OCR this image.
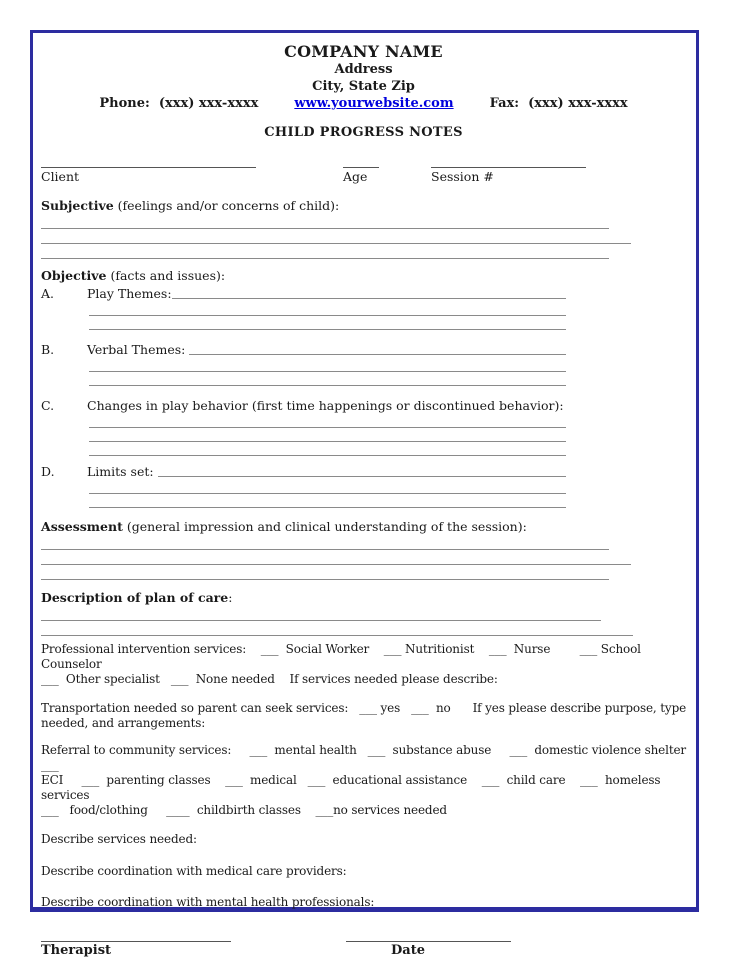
COMPANY NAME
Address
City, State Zip
Phone:  (xxx) xxx-xxxx	www.yourwebsite.com	Fax:  (xxx) xxx-xxxx
CHILD PROGRESS NOTES
Client	Age	Session #
Subjective (feelings and/or concerns of child):
Objective (facts and issues):
A.	Play Themes:
B.	Verbal Themes:
C.	Changes in play behavior (first time happenings or discontinued behavior):
D.	Limits set:
Assessment (general impression and clinical understanding of the session):
Description of plan of care:
Professional intervention services:    ___  Social Worker    ___ Nutritionist    ___  Nurse        ___ School Counselor
___  Other specialist   ___  None needed    If services needed please describe:
Transportation needed so parent can seek services:   ___ yes   ___  no      If yes please describe purpose, type
needed, and arrangements:
Referral to community services:     ___  mental health   ___  substance abuse     ___  domestic violence shelter    ___
ECI     ___  parenting classes    ___  medical   ___  educational assistance    ___  child care    ___  homeless services
___   food/clothing     ____  childbirth classes    ___no services needed
Describe services needed:
Describe coordination with medical care providers:
Describe coordination with mental health professionals:
Therapist	Date
